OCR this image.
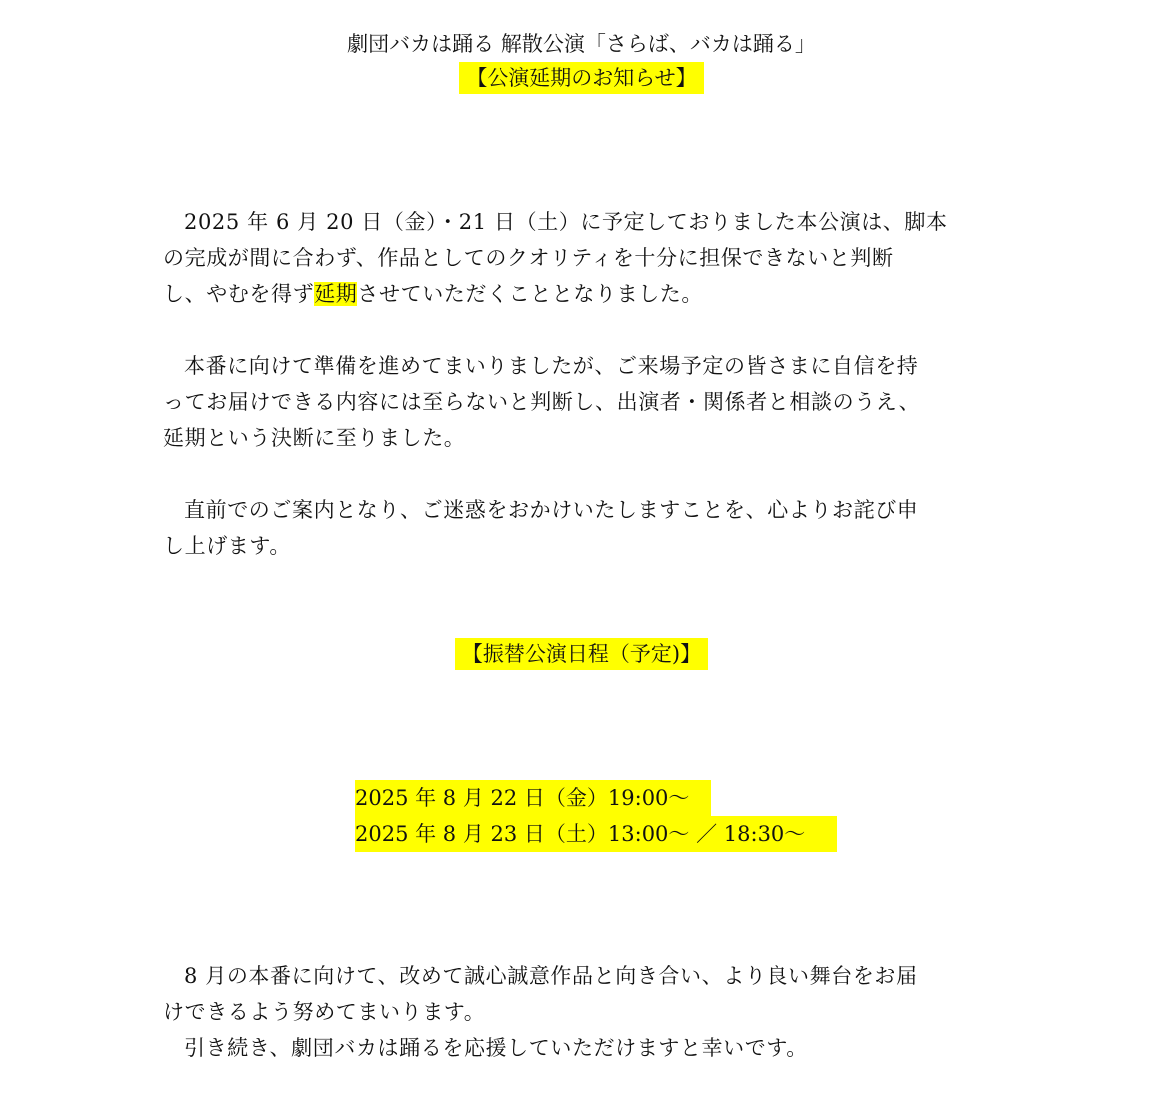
劇団バカは踊る 解散公演「さらば、バカは踊る」
【公演延期のお知らせ】
2025 年 6 月 20 日（金）・21 日（土）に予定しておりました本公演は、脚本
の完成が間に合わず、作品としてのクオリティを十分に担保できないと判断
し、やむを得ず延期させていただくこととなりました。
本番に向けて準備を進めてまいりましたが、ご来場予定の皆さまに自信を持
ってお届けできる内容には至らないと判断し、出演者・関係者と相談のうえ、
延期という決断に至りました。
直前でのご案内となり、ご迷惑をおかけいたしますことを、心よりお詫び申
し上げます。
【振替公演日程（予定)】
2025 年 8 月 22 日（金）19:00～
2025 年 8 月 23 日（土）13:00～ ／ 18:30～
8 月の本番に向けて、改めて誠心誠意作品と向き合い、より良い舞台をお届
けできるよう努めてまいります。
引き続き、劇団バカは踊るを応援していただけますと幸いです。
